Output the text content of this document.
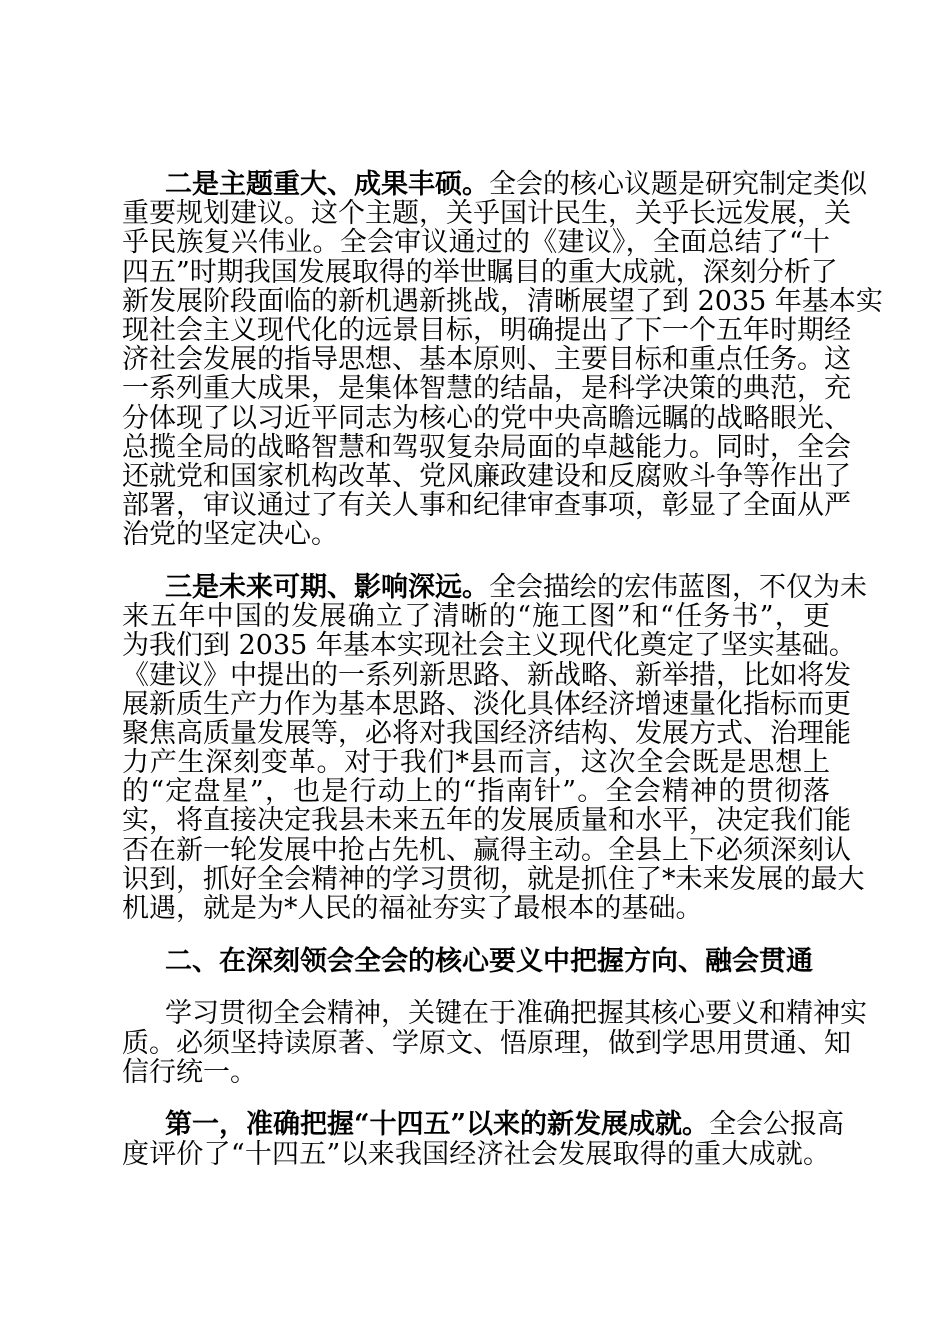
二是主题重大、成果丰硕。全会的核心议题是研究制定类似
重要规划建议。这个主题，关乎国计民生，关乎长远发展，关
乎民族复兴伟业。全会审议通过的《建议》，全面总结了“十
四五”时期我国发展取得的举世瞩目的重大成就，深刻分析了
新发展阶段面临的新机遇新挑战，清晰展望了到 2035 年基本实
现社会主义现代化的远景目标，明确提出了下一个五年时期经
济社会发展的指导思想、基本原则、主要目标和重点任务。这
一系列重大成果，是集体智慧的结晶，是科学决策的典范，充
分体现了以习近平同志为核心的党中央高瞻远瞩的战略眼光、
总揽全局的战略智慧和驾驭复杂局面的卓越能力。同时，全会
还就党和国家机构改革、党风廉政建设和反腐败斗争等作出了
部署，审议通过了有关人事和纪律审查事项，彰显了全面从严
治党的坚定决心。
三是未来可期、影响深远。全会描绘的宏伟蓝图，不仅为未
来五年中国的发展确立了清晰的“施工图”和“任务书”，更
为我们到 2035 年基本实现社会主义现代化奠定了坚实基础。
《建议》中提出的一系列新思路、新战略、新举措，比如将发
展新质生产力作为基本思路、淡化具体经济增速量化指标而更
聚焦高质量发展等，必将对我国经济结构、发展方式、治理能
力产生深刻变革。对于我们*县而言，这次全会既是思想上
的“定盘星”，也是行动上的“指南针”。全会精神的贯彻落
实，将直接决定我县未来五年的发展质量和水平，决定我们能
否在新一轮发展中抢占先机、赢得主动。全县上下必须深刻认
识到，抓好全会精神的学习贯彻，就是抓住了*未来发展的最大
机遇，就是为*人民的福祉夯实了最根本的基础。
二、在深刻领会全会的核心要义中把握方向、融会贯通
学习贯彻全会精神，关键在于准确把握其核心要义和精神实
质。必须坚持读原著、学原文、悟原理，做到学思用贯通、知
信行统一。
第一，准确把握“十四五”以来的新发展成就。全会公报高
度评价了“十四五”以来我国经济社会发展取得的重大成就。
